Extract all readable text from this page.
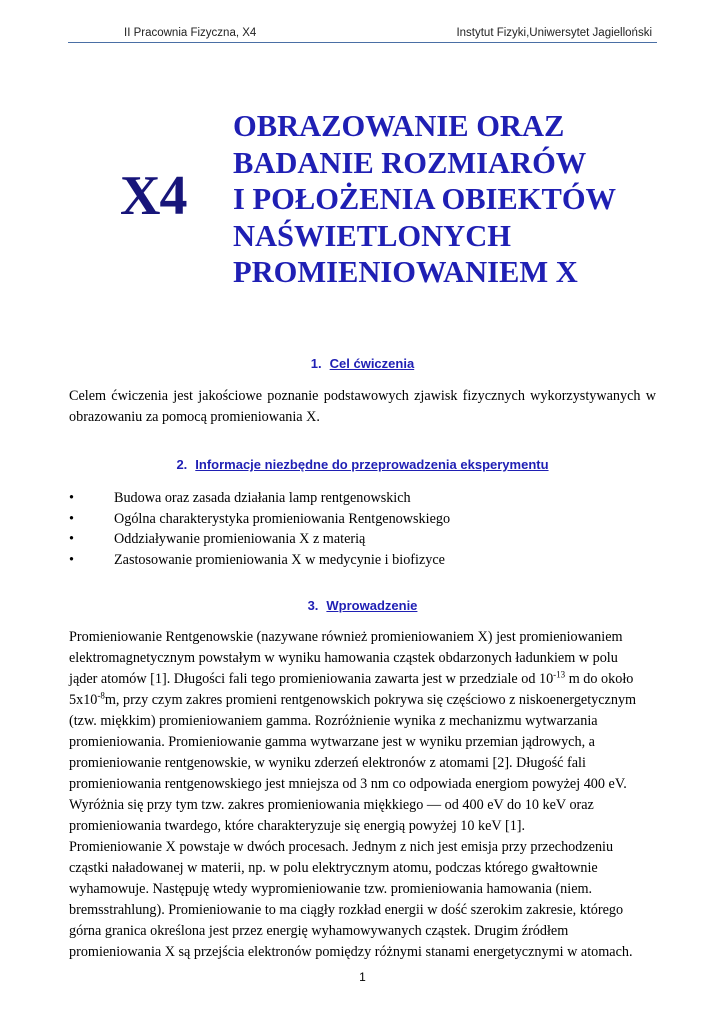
II Pracownia Fizyczna, X4	Instytut Fizyki,Uniwersytet Jagielloński
X4
OBRAZOWANIE ORAZ
BADANIE ROZMIARÓW
I POŁOŻENIA OBIEKTÓW
NAŚWIETLONYCH
PROMIENIOWANIEM X
1. Cel ćwiczenia
Celem ćwiczenia jest jakościowe poznanie podstawowych zjawisk fizycznych wykorzystywanych w obrazowaniu za pomocą promieniowania X.
2. Informacje niezbędne do przeprowadzenia eksperymentu
•	Budowa oraz zasada działania lamp rentgenowskich
•	Ogólna charakterystyka promieniowania Rentgenowskiego
•	Oddziaływanie promieniowania X z materią
•	Zastosowanie promieniowania X w medycynie i biofizyce
3. Wprowadzenie
Promieniowanie Rentgenowskie (nazywane również promieniowaniem X) jest promieniowaniem
elektromagnetycznym powstałym w wyniku hamowania cząstek obdarzonych ładunkiem w polu
jąder atomów [1]. Długości fali tego promieniowania zawarta jest w przedziale od $10^{-13}$ m do około
$5x10^{-8}m$, przy czym zakres promieni rentgenowskich pokrywa się częściowo z niskoenergetycznym
(tzw. miękkim) promieniowaniem gamma. Rozróżnienie wynika z mechanizmu wytwarzania
promieniowania. Promieniowanie gamma wytwarzane jest w wyniku przemian jądrowych, a
promieniowanie rentgenowskie, w wyniku zderzeń elektronów z atomami [2]. Długość fali
promieniowania rentgenowskiego jest mniejsza od 3 nm co odpowiada energiom powyżej 400 eV.
Wyróżnia się przy tym tzw. zakres promieniowania miękkiego — od 400 eV do 10 keV oraz
promieniowania twardego, które charakteryzuje się energią powyżej 10 keV [1].
Promieniowanie X powstaje w dwóch procesach. Jednym z nich jest emisja przy przechodzeniu
cząstki naładowanej w materii, np. w polu elektrycznym atomu, podczas którego gwałtownie
wyhamowuje. Następuję wtedy wypromieniowanie tzw. promieniowania hamowania (niem.
bremsstrahlung). Promieniowanie to ma ciągły rozkład energii w dość szerokim zakresie, którego
górna granica określona jest przez energię wyhamowywanych cząstek. Drugim źródłem
promieniowania X są przejścia elektronów pomiędzy różnymi stanami energetycznymi w atomach.
1
